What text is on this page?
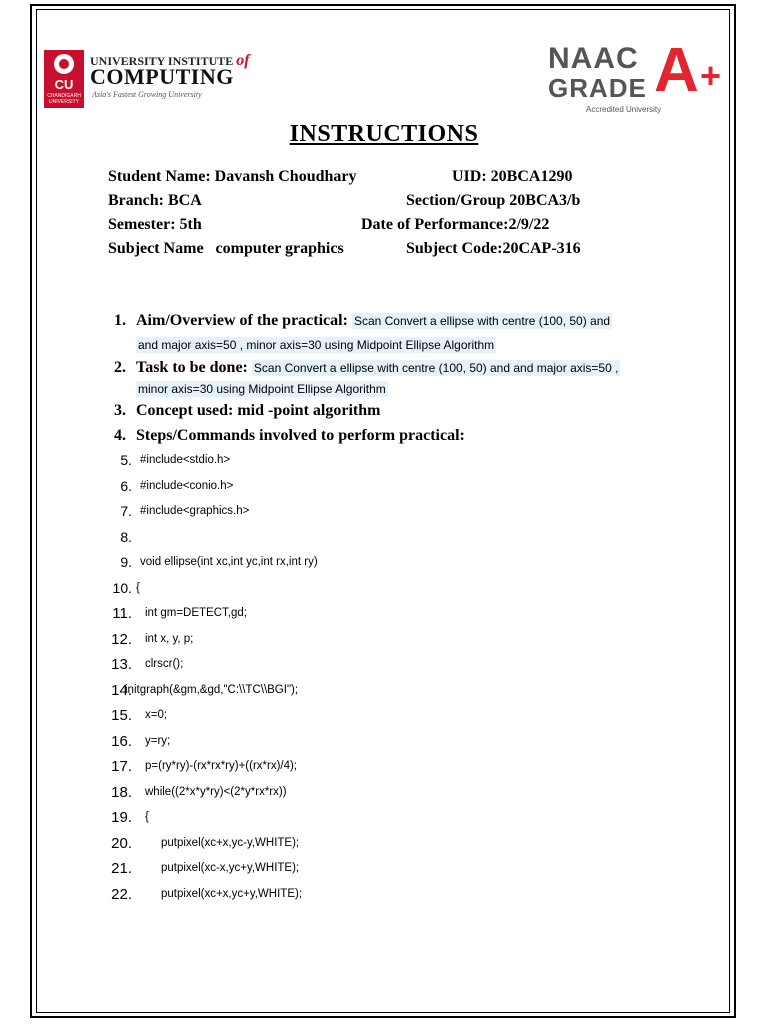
CU
CHANDIGARH UNIVERSITY
UNIVERSITY INSTITUTE of
COMPUTING
Asia's Fastest Growing University
NAAC
GRADE A +
Accredited University
INSTRUCTIONS
Student Name: Davansh Choudhary	UID: 20BCA1290
Branch: BCA	Section/Group 20BCA3/b
Semester: 5th	Date of Performance:2/9/22
Subject Name   computer graphics	Subject Code:20CAP-316
1. Aim/Overview of the practical: Scan Convert a ellipse with centre (100, 50) and
and major axis=50 , minor axis=30 using Midpoint Ellipse Algorithm
2. Task to be done: Scan Convert a ellipse with centre (100, 50) and and major axis=50 ,
minor axis=30 using Midpoint Ellipse Algorithm
3. Concept used: mid -point algorithm
4. Steps/Commands involved to perform practical:
5. #include<stdio.h>
6. #include<conio.h>
7. #include<graphics.h>
8.
9. void ellipse(int xc,int yc,int rx,int ry)
10. {
11. int gm=DETECT,gd;
12. int x, y, p;
13. clrscr();
14.
initgraph(&gm,&gd,"C:\\TC\\BGI");
15. x=0;
16. y=ry;
17. p=(ry*ry)-(rx*rx*ry)+((rx*rx)/4);
18. while((2*x*y*ry)<(2*y*rx*rx))
19. {
20.	putpixel(xc+x,yc-y,WHITE);
21.	putpixel(xc-x,yc+y,WHITE);
22.	putpixel(xc+x,yc+y,WHITE);
